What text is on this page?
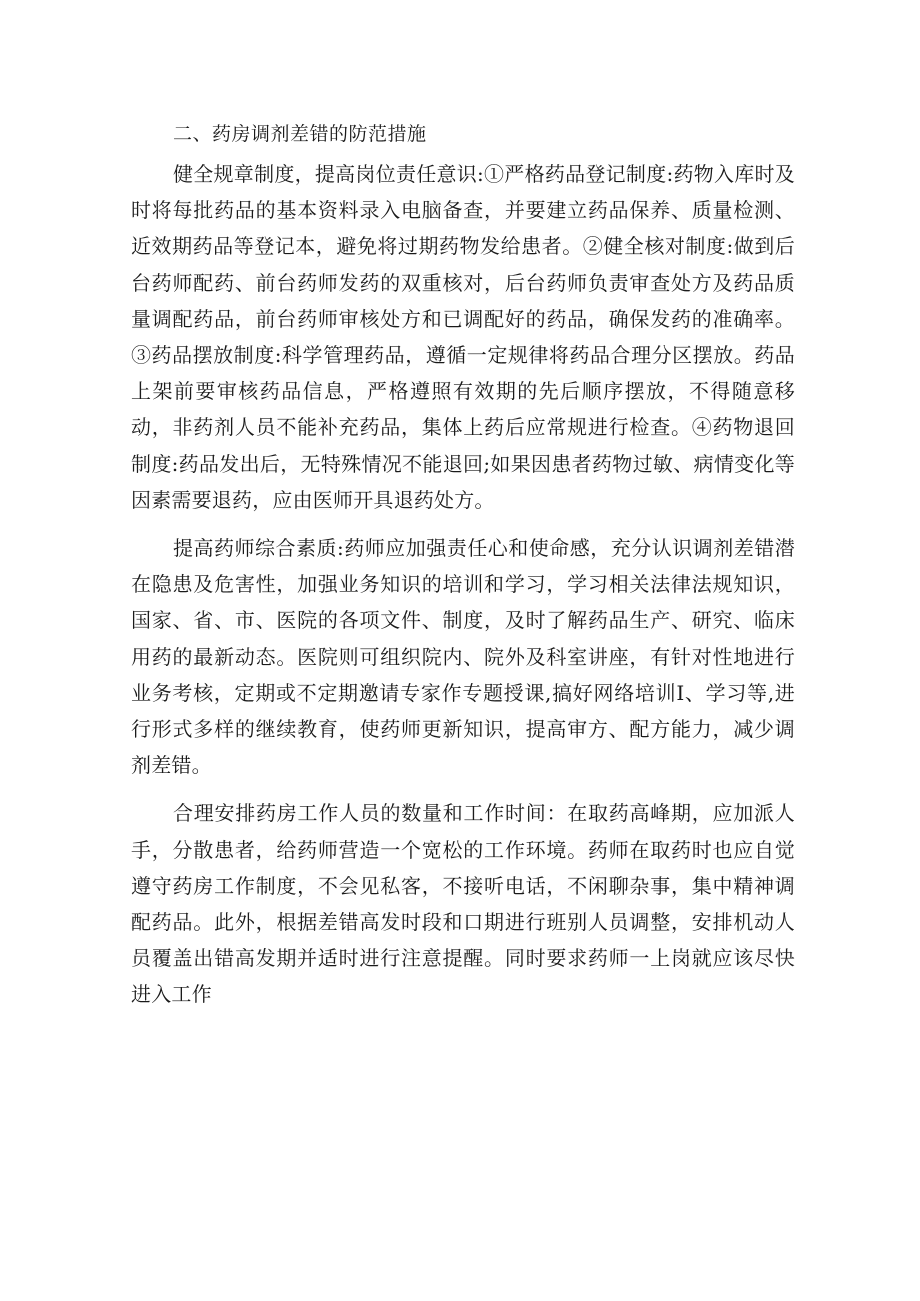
二、药房调剂差错的防范措施

健全规章制度，提高岗位责任意识:①严格药品登记制度:药物入库时及时将每批药品的基本资料录入电脑备查，并要建立药品保养、质量检测、近效期药品等登记本，避免将过期药物发给患者。②健全核对制度:做到后台药师配药、前台药师发药的双重核对，后台药师负责审查处方及药品质量调配药品，前台药师审核处方和已调配好的药品，确保发药的准确率。③药品摆放制度:科学管理药品，遵循一定规律将药品合理分区摆放。药品上架前要审核药品信息，严格遵照有效期的先后顺序摆放，不得随意移动，非药剂人员不能补充药品，集体上药后应常规进行检查。④药物退回制度:药品发出后，无特殊情况不能退回;如果因患者药物过敏、病情变化等因素需要退药，应由医师开具退药处方。

提高药师综合素质:药师应加强责任心和使命感，充分认识调剂差错潜在隐患及危害性，加强业务知识的培训和学习，学习相关法律法规知识，国家、省、市、医院的各项文件、制度，及时了解药品生产、研究、临床用药的最新动态。医院则可组织院内、院外及科室讲座，有针对性地进行业务考核，定期或不定期邀请专家作专题授课,搞好网络培训I、学习等,进行形式多样的继续教育，使药师更新知识，提高审方、配方能力，减少调剂差错。

合理安排药房工作人员的数量和工作时间：在取药高峰期，应加派人手，分散患者，给药师营造一个宽松的工作环境。药师在取药时也应自觉遵守药房工作制度，不会见私客，不接听电话，不闲聊杂事，集中精神调配药品。此外，根据差错高发时段和口期进行班别人员调整，安排机动人员覆盖出错高发期并适时进行注意提醒。同时要求药师一上岗就应该尽快进入工作
